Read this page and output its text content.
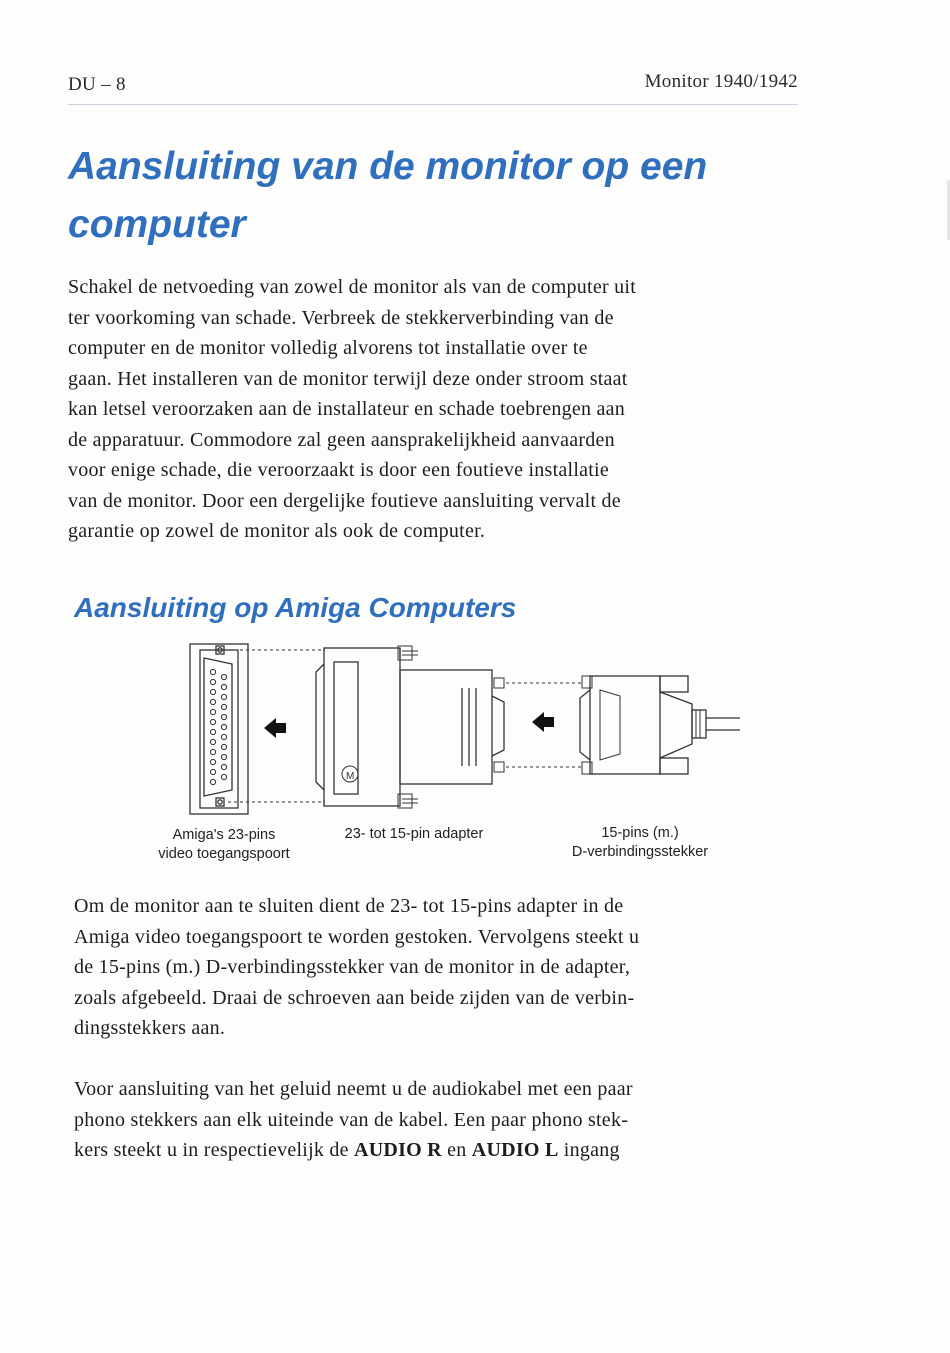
DU – 8	Monitor 1940/1942
Aansluiting van de monitor op een computer
Schakel de netvoeding van zowel de monitor als van de computer uit
ter voorkoming van schade. Verbreek de stekkerverbinding van de
computer en de monitor volledig alvorens tot installatie over te
gaan. Het installeren van de monitor terwijl deze onder stroom staat
kan letsel veroorzaken aan de installateur en schade toebrengen aan
de apparatuur. Commodore zal geen aansprakelijkheid aanvaarden
voor enige schade, die veroorzaakt is door een foutieve installatie
van de monitor. Door een dergelijke foutieve aansluiting vervalt de
garantie op zowel de monitor als ook de computer.
Aansluiting op Amiga Computers
M
Amiga's 23-pins
video toegangspoort
23- tot 15-pin adapter	15-pins (m.)
D-verbindingsstekker
Om de monitor aan te sluiten dient de 23- tot 15-pins adapter in de
Amiga video toegangspoort te worden gestoken. Vervolgens steekt u
de 15-pins (m.) D-verbindingsstekker van de monitor in de adapter,
zoals afgebeeld. Draai de schroeven aan beide zijden van de verbin-
dingsstekkers aan.
Voor aansluiting van het geluid neemt u de audiokabel met een paar
phono stekkers aan elk uiteinde van de kabel. Een paar phono stek-
kers steekt u in respectievelijk de AUDIO R en AUDIO L ingang
